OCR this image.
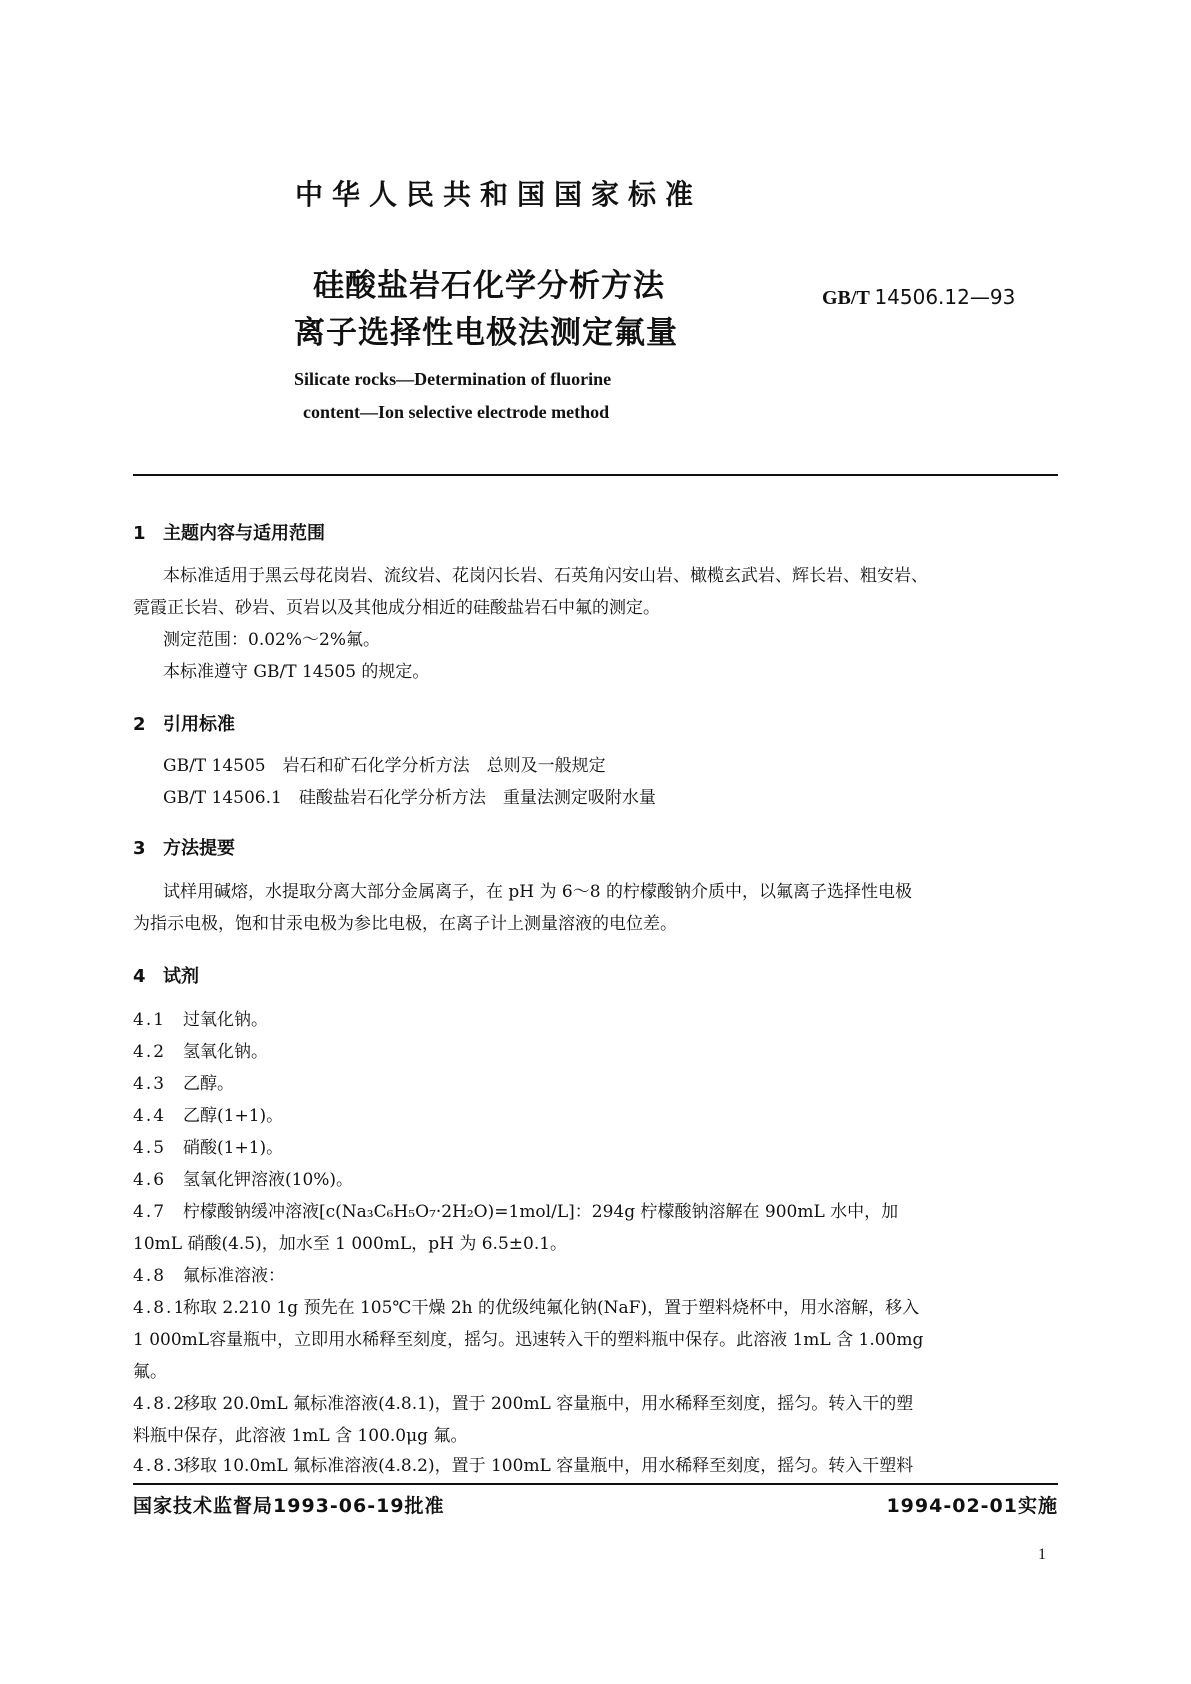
中华人民共和国国家标准
硅酸盐岩石化学分析方法
离子选择性电极法测定氟量
GB/T 14506.12—93
Silicate rocks—Determination of fluorine
content—Ion selective electrode method
1 主题内容与适用范围
本标准适用于黑云母花岗岩、流纹岩、花岗闪长岩、石英角闪安山岩、橄榄玄武岩、辉长岩、粗安岩、
霓霞正长岩、砂岩、页岩以及其他成分相近的硅酸盐岩石中氟的测定。
测定范围：0.02%～2%氟。
本标准遵守 GB/T 14505 的规定。
2 引用标准
GB/T 14505　岩石和矿石化学分析方法　总则及一般规定
GB/T 14506.1　硅酸盐岩石化学分析方法　重量法测定吸附水量
3 方法提要
试样用碱熔，水提取分离大部分金属离子，在 pH 为 6～8 的柠檬酸钠介质中，以氟离子选择性电极
为指示电极，饱和甘汞电极为参比电极，在离子计上测量溶液的电位差。
4 试剂
4.1 过氧化钠。
4.2 氢氧化钠。
4.3 乙醇。
4.4 乙醇(1+1)。
4.5 硝酸(1+1)。
4.6 氢氧化钾溶液(10%)。
4.7 柠檬酸钠缓冲溶液[c(Na₃C₆H₅O₇·2H₂O)=1mol/L]：294g 柠檬酸钠溶解在 900mL 水中，加
10mL 硝酸(4.5)，加水至 1 000mL，pH 为 6.5±0.1。
4.8 氟标准溶液：
4.8.1称取 2.210 1g 预先在 105℃干燥 2h 的优级纯氟化钠(NaF)，置于塑料烧杯中，用水溶解，移入
1 000mL容量瓶中，立即用水稀释至刻度，摇匀。迅速转入干的塑料瓶中保存。此溶液 1mL 含 1.00mg
氟。
4.8.2移取 20.0mL 氟标准溶液(4.8.1)，置于 200mL 容量瓶中，用水稀释至刻度，摇匀。转入干的塑
料瓶中保存，此溶液 1mL 含 100.0μg 氟。
4.8.3移取 10.0mL 氟标准溶液(4.8.2)，置于 100mL 容量瓶中，用水稀释至刻度，摇匀。转入干塑料
国家技术监督局1993-06-19批准	1994-02-01实施
1
